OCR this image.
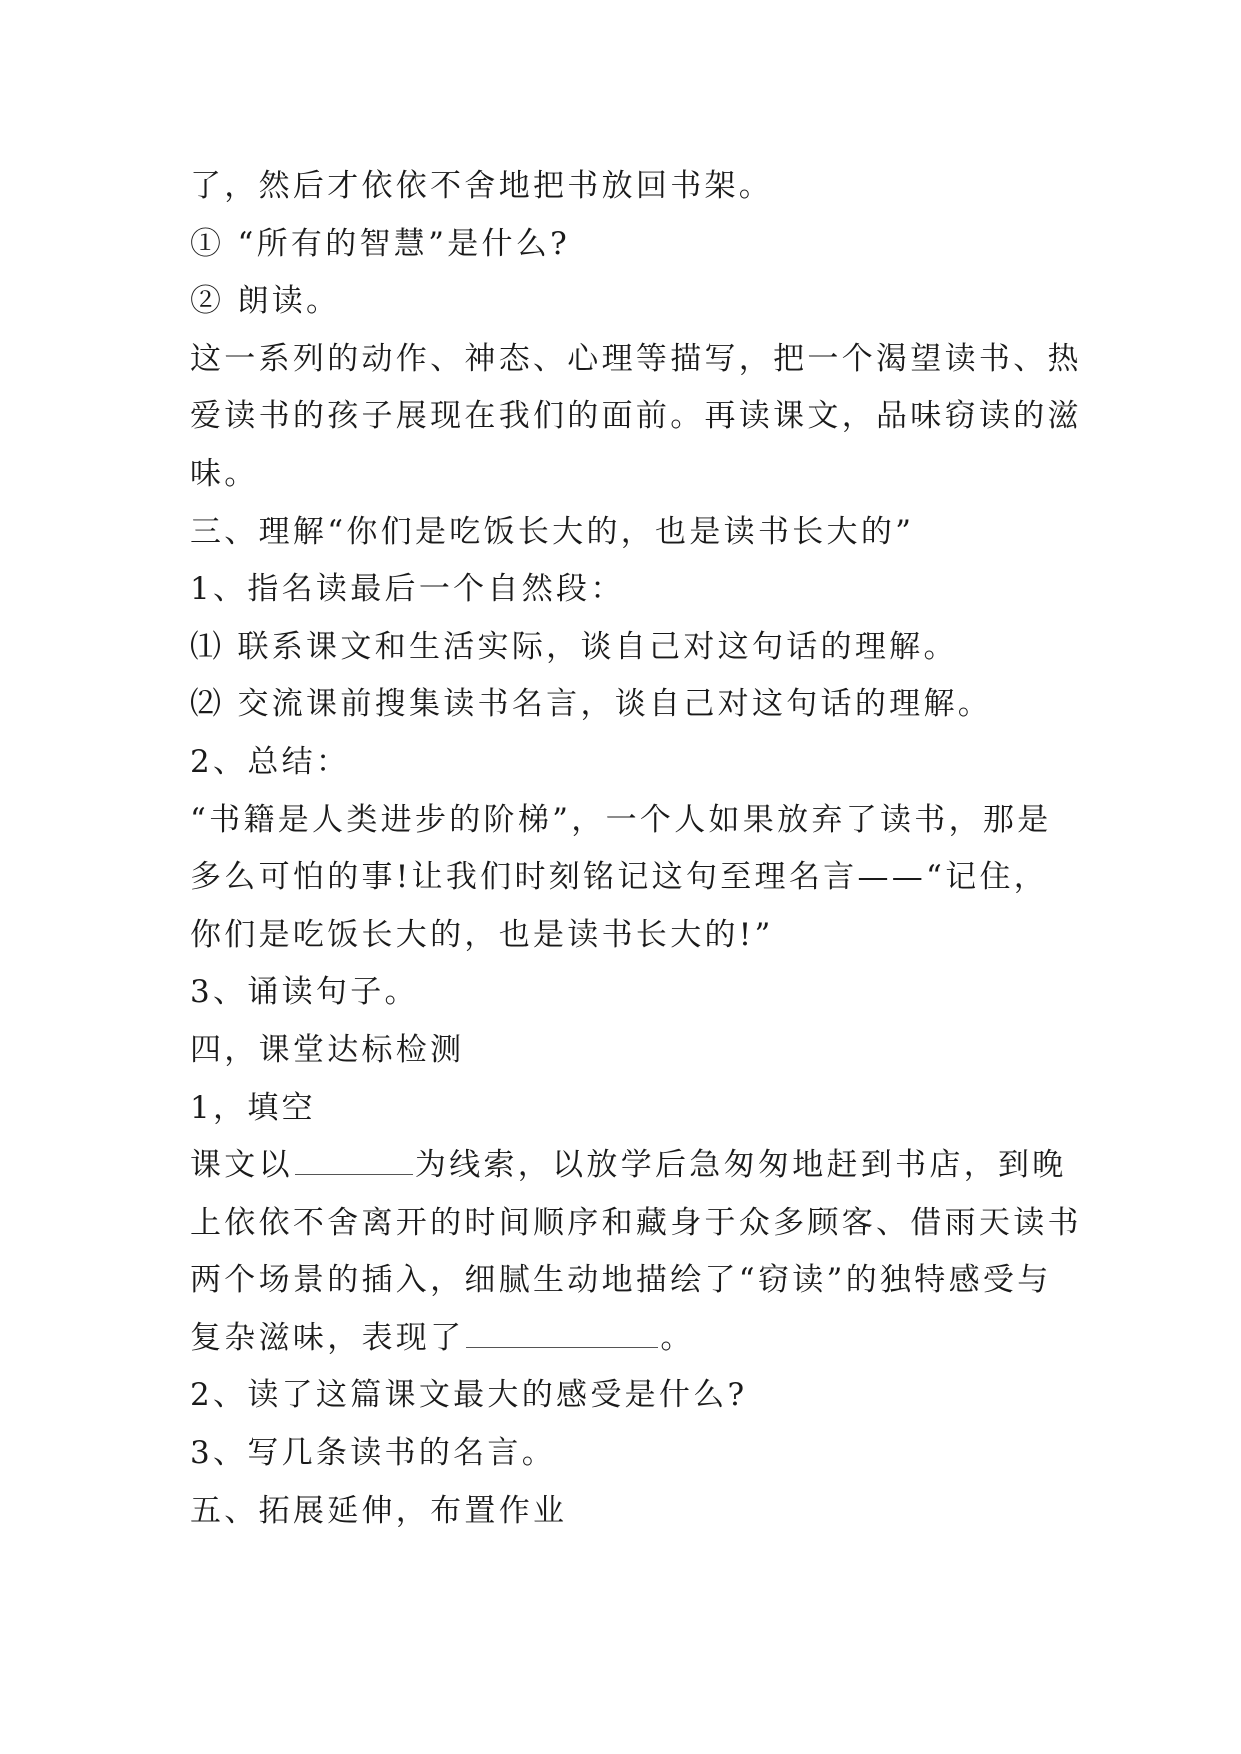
了，然后才依依不舍地把书放回书架。
① “所有的智慧”是什么?
② 朗读。
这一系列的动作、神态、心理等描写，把一个渴望读书、热
爱读书的孩子展现在我们的面前。再读课文，品味窃读的滋
味。
三、理解“你们是吃饭长大的，也是读书长大的”
1、指名读最后一个自然段：
⑴ 联系课文和生活实际，谈自己对这句话的理解。
⑵ 交流课前搜集读书名言，谈自己对这句话的理解。
2、总结：
“书籍是人类进步的阶梯”，一个人如果放弃了读书，那是
多么可怕的事!让我们时刻铭记这句至理名言——“记住，
你们是吃饭长大的，也是读书长大的!”
3、诵读句子。
四，课堂达标检测
1，填空
课文以	为线索，以放学后急匆匆地赶到书店，到晚
上依依不舍离开的时间顺序和藏身于众多顾客、借雨天读书
两个场景的插入，细腻生动地描绘了“窃读”的独特感受与
复杂滋味，表现了	。
2、读了这篇课文最大的感受是什么?
3、写几条读书的名言。
五、拓展延伸，布置作业
